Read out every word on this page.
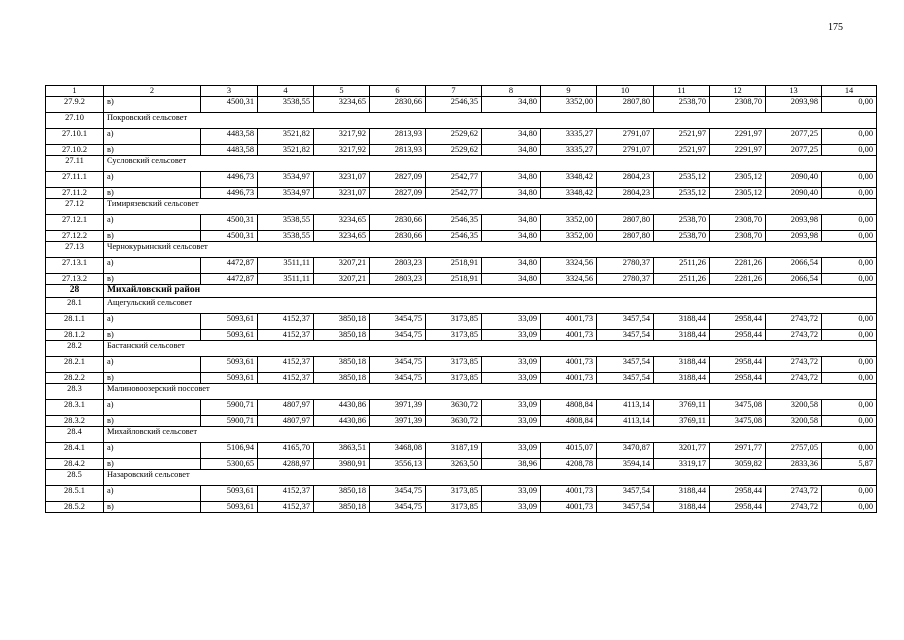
175
1	2	3	4	5	6	7	8	9	10	11	12	13	14
27.9.2	в)	4500,31	3538,55	3234,65	2830,66	2546,35	34,80	3352,00	2807,80	2538,70	2308,70	2093,98	0,00
27.10	Покровский сельсовет												
27.10.1	а)	4483,58	3521,82	3217,92	2813,93	2529,62	34,80	3335,27	2791,07	2521,97	2291,97	2077,25	0,00
27.10.2	в)	4483,58	3521,82	3217,92	2813,93	2529,62	34,80	3335,27	2791,07	2521,97	2291,97	2077,25	0,00
27.11	Сусловский сельсовет												
27.11.1	а)	4496,73	3534,97	3231,07	2827,09	2542,77	34,80	3348,42	2804,23	2535,12	2305,12	2090,40	0,00
27.11.2	в)	4496,73	3534,97	3231,07	2827,09	2542,77	34,80	3348,42	2804,23	2535,12	2305,12	2090,40	0,00
27.12	Тимирязевский сельсовет												
27.12.1	а)	4500,31	3538,55	3234,65	2830,66	2546,35	34,80	3352,00	2807,80	2538,70	2308,70	2093,98	0,00
27.12.2	в)	4500,31	3538,55	3234,65	2830,66	2546,35	34,80	3352,00	2807,80	2538,70	2308,70	2093,98	0,00
27.13	Чернокурьинский сельсовет												
27.13.1	а)	4472,87	3511,11	3207,21	2803,23	2518,91	34,80	3324,56	2780,37	2511,26	2281,26	2066,54	0,00
27.13.2	в)	4472,87	3511,11	3207,21	2803,23	2518,91	34,80	3324,56	2780,37	2511,26	2281,26	2066,54	0,00
28	Михайловский район												
28.1	Ащегульский сельсовет												
28.1.1	а)	5093,61	4152,37	3850,18	3454,75	3173,85	33,09	4001,73	3457,54	3188,44	2958,44	2743,72	0,00
28.1.2	в)	5093,61	4152,37	3850,18	3454,75	3173,85	33,09	4001,73	3457,54	3188,44	2958,44	2743,72	0,00
28.2	Бастанский сельсовет												
28.2.1	а)	5093,61	4152,37	3850,18	3454,75	3173,85	33,09	4001,73	3457,54	3188,44	2958,44	2743,72	0,00
28.2.2	в)	5093,61	4152,37	3850,18	3454,75	3173,85	33,09	4001,73	3457,54	3188,44	2958,44	2743,72	0,00
28.3	Малиновоозерский поссовет												
28.3.1	а)	5900,71	4807,97	4430,86	3971,39	3630,72	33,09	4808,84	4113,14	3769,11	3475,08	3200,58	0,00
28.3.2	в)	5900,71	4807,97	4430,86	3971,39	3630,72	33,09	4808,84	4113,14	3769,11	3475,08	3200,58	0,00
28.4	Михайловский сельсовет												
28.4.1	а)	5106,94	4165,70	3863,51	3468,08	3187,19	33,09	4015,07	3470,87	3201,77	2971,77	2757,05	0,00
28.4.2	в)	5300,65	4288,97	3980,91	3556,13	3263,50	38,96	4208,78	3594,14	3319,17	3059,82	2833,36	5,87
28.5	Назаровский сельсовет												
28.5.1	а)	5093,61	4152,37	3850,18	3454,75	3173,85	33,09	4001,73	3457,54	3188,44	2958,44	2743,72	0,00
28.5.2	в)	5093,61	4152,37	3850,18	3454,75	3173,85	33,09	4001,73	3457,54	3188,44	2958,44	2743,72	0,00
